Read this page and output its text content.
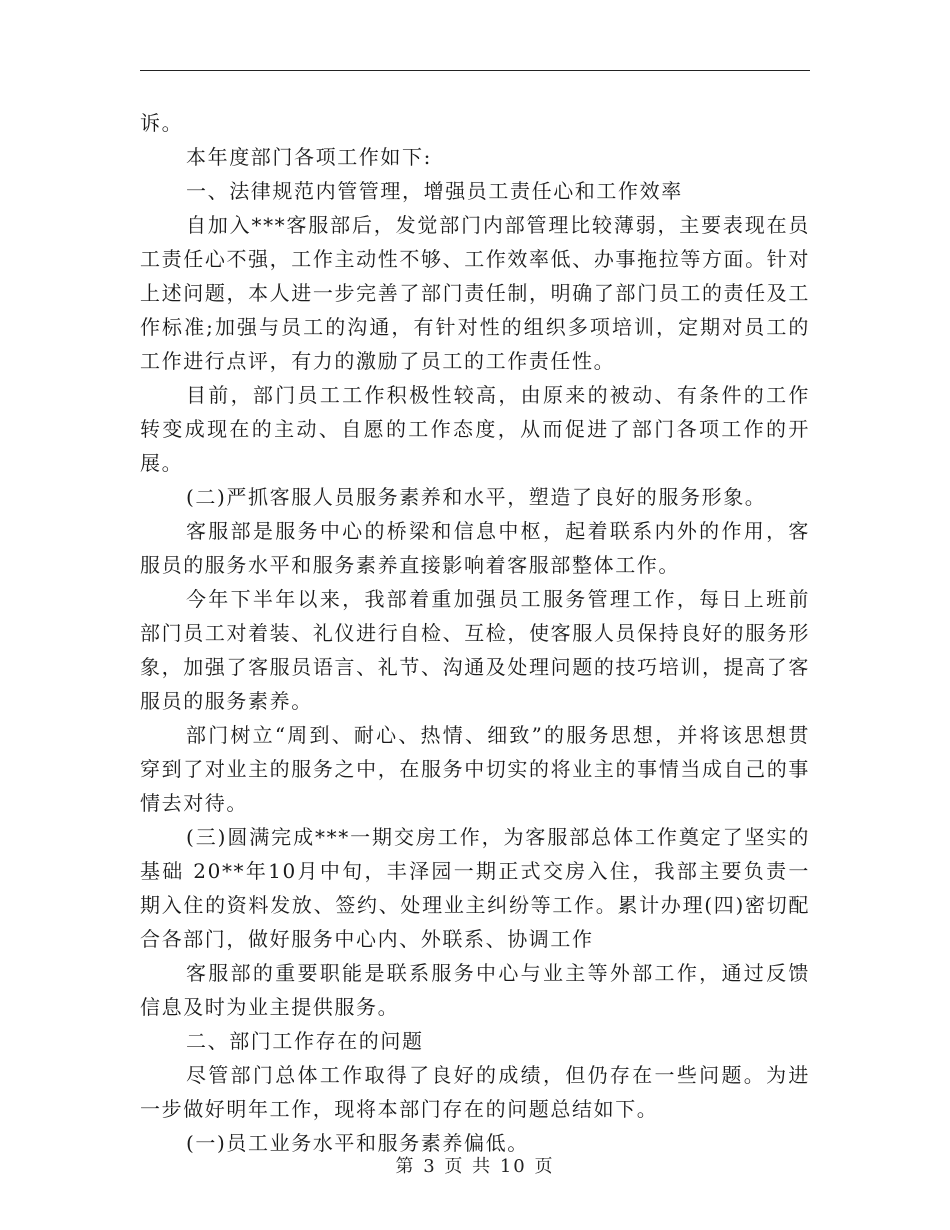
诉。

本年度部门各项工作如下:

一、法律规范内管管理，增强员工责任心和工作效率

自加入***客服部后，发觉部门内部管理比较薄弱，主要表现在员工责任心不强，工作主动性不够、工作效率低、办事拖拉等方面。针对上述问题，本人进一步完善了部门责任制，明确了部门员工的责任及工作标准;加强与员工的沟通，有针对性的组织多项培训，定期对员工的工作进行点评，有力的激励了员工的工作责任性。

目前，部门员工工作积极性较高，由原来的被动、有条件的工作转变成现在的主动、自愿的工作态度，从而促进了部门各项工作的开展。

(二)严抓客服人员服务素养和水平，塑造了良好的服务形象。

客服部是服务中心的桥梁和信息中枢，起着联系内外的作用，客服员的服务水平和服务素养直接影响着客服部整体工作。

今年下半年以来，我部着重加强员工服务管理工作，每日上班前部门员工对着装、礼仪进行自检、互检，使客服人员保持良好的服务形象，加强了客服员语言、礼节、沟通及处理问题的技巧培训，提高了客服员的服务素养。

部门树立“周到、耐心、热情、细致”的服务思想，并将该思想贯穿到了对业主的服务之中，在服务中切实的将业主的事情当成自己的事情去对待。

(三)圆满完成***一期交房工作，为客服部总体工作奠定了坚实的基础 20**年10月中旬，丰泽园一期正式交房入住，我部主要负责一期入住的资料发放、签约、处理业主纠纷等工作。累计办理(四)密切配合各部门，做好服务中心内、外联系、协调工作

客服部的重要职能是联系服务中心与业主等外部工作，通过反馈信息及时为业主提供服务。

二、部门工作存在的问题

尽管部门总体工作取得了良好的成绩，但仍存在一些问题。为进一步做好明年工作，现将本部门存在的问题总结如下。

(一)员工业务水平和服务素养偏低。

第 3 页 共 10 页
